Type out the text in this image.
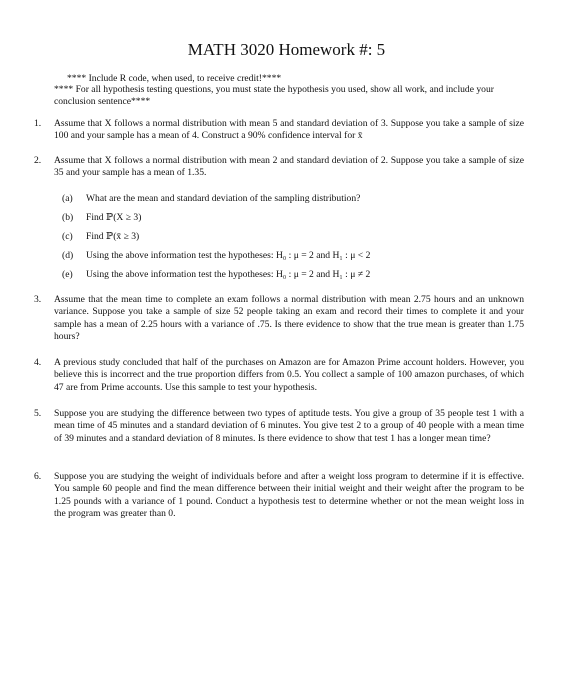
MATH 3020 Homework #: 5
**** Include R code, when used, to receive credit!****
**** For all hypothesis testing questions, you must state the hypothesis you used, show all work, and include your conclusion sentence****
1. Assume that X follows a normal distribution with mean 5 and standard deviation of 3. Suppose you take a sample of size 100 and your sample has a mean of 4. Construct a 90% confidence interval for x̄
2. Assume that X follows a normal distribution with mean 2 and standard deviation of 2. Suppose you take a sample of size 35 and your sample has a mean of 1.35.
(a) What are the mean and standard deviation of the sampling distribution?
(b) Find ℙ(X ≥ 3)
(c) Find ℙ(x̄ ≥ 3)
(d) Using the above information test the hypotheses: H₀ : μ = 2 and H₁ : μ < 2
(e) Using the above information test the hypotheses: H₀ : μ = 2 and H₁ : μ ≠ 2
3. Assume that the mean time to complete an exam follows a normal distribution with mean 2.75 hours and an unknown variance. Suppose you take a sample of size 52 people taking an exam and record their times to complete it and your sample has a mean of 2.25 hours with a variance of .75. Is there evidence to show that the true mean is greater than 1.75 hours?
4. A previous study concluded that half of the purchases on Amazon are for Amazon Prime account holders. However, you believe this is incorrect and the true proportion differs from 0.5. You collect a sample of 100 amazon purchases, of which 47 are from Prime accounts. Use this sample to test your hypothesis.
5. Suppose you are studying the difference between two types of aptitude tests. You give a group of 35 people test 1 with a mean time of 45 minutes and a standard deviation of 6 minutes. You give test 2 to a group of 40 people with a mean time of 39 minutes and a standard deviation of 8 minutes. Is there evidence to show that test 1 has a longer mean time?
6. Suppose you are studying the weight of individuals before and after a weight loss program to determine if it is effective. You sample 60 people and find the mean difference between their initial weight and their weight after the program to be 1.25 pounds with a variance of 1 pound. Conduct a hypothesis test to determine whether or not the mean weight loss in the program was greater than 0.
